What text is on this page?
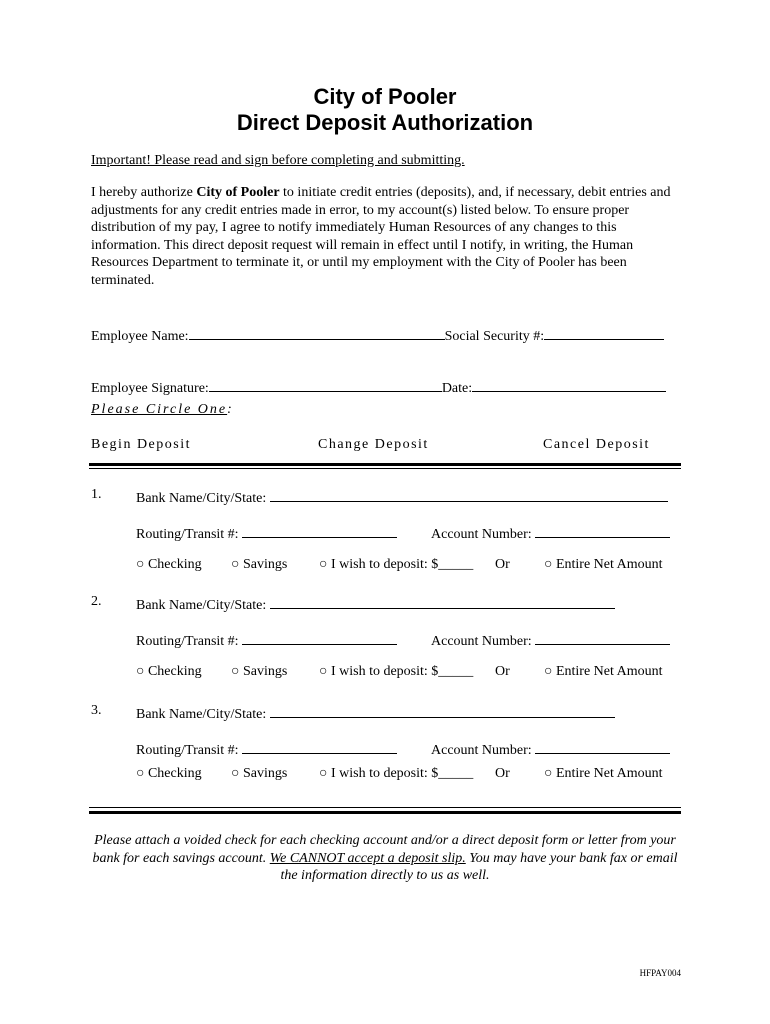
City of Pooler
Direct Deposit Authorization
Important! Please read and sign before completing and submitting.
I hereby authorize City of Pooler to initiate credit entries (deposits), and, if necessary, debit entries and adjustments for any credit entries made in error, to my account(s) listed below. To ensure proper distribution of my pay, I agree to notify immediately Human Resources of any changes to this information. This direct deposit request will remain in effect until I notify, in writing, the Human Resources Department to terminate it, or until my employment with the City of Pooler has been terminated.
Employee Name:	Social Security #:
Employee Signature:	Date:
Please Circle One:
Begin Deposit	Change Deposit	Cancel Deposit
1. Bank Name/City/State:
Routing/Transit #:	Account Number:
○ Checking ○ Savings ○ I wish to deposit: $_____ Or ○ Entire Net Amount
2. Bank Name/City/State:
Routing/Transit #:	Account Number:
○ Checking ○ Savings ○ I wish to deposit: $_____ Or ○ Entire Net Amount
3. Bank Name/City/State:
Routing/Transit #:	Account Number:
○ Checking ○ Savings ○ I wish to deposit: $_____ Or ○ Entire Net Amount
Please attach a voided check for each checking account and/or a direct deposit form or letter from your bank for each savings account. We CANNOT accept a deposit slip. You may have your bank fax or email the information directly to us as well.
HFPAY004
